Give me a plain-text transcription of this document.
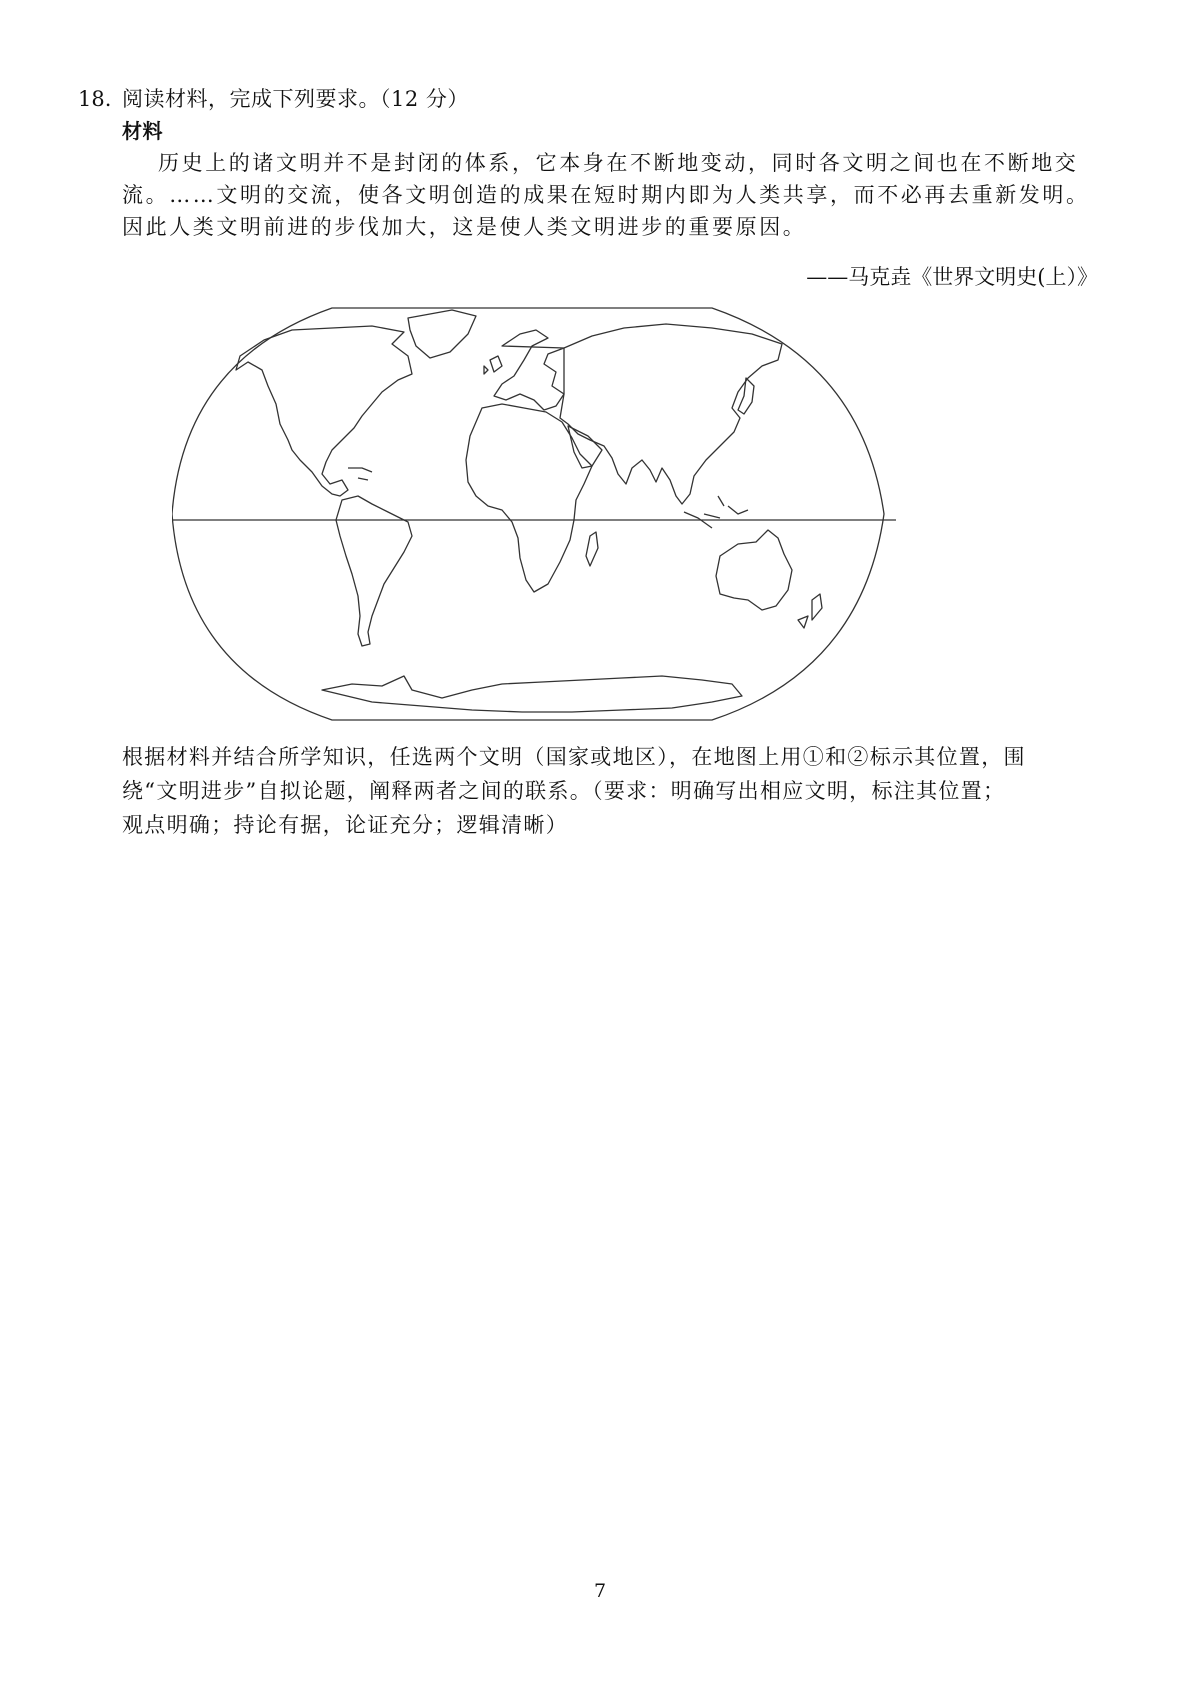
18. 阅读材料，完成下列要求。（12 分）
材料
历史上的诸文明并不是封闭的体系，它本身在不断地变动，同时各文明之间也在不断地交
流。……文明的交流，使各文明创造的成果在短时期内即为人类共享，而不必再去重新发明。
因此人类文明前进的步伐加大，这是使人类文明进步的重要原因。
——马克垚《世界文明史(上）》
根据材料并结合所学知识，任选两个文明（国家或地区），在地图上用①和②标示其位置，围
绕“文明进步”自拟论题，阐释两者之间的联系。（要求：明确写出相应文明，标注其位置；
观点明确；持论有据，论证充分；逻辑清晰）
7
